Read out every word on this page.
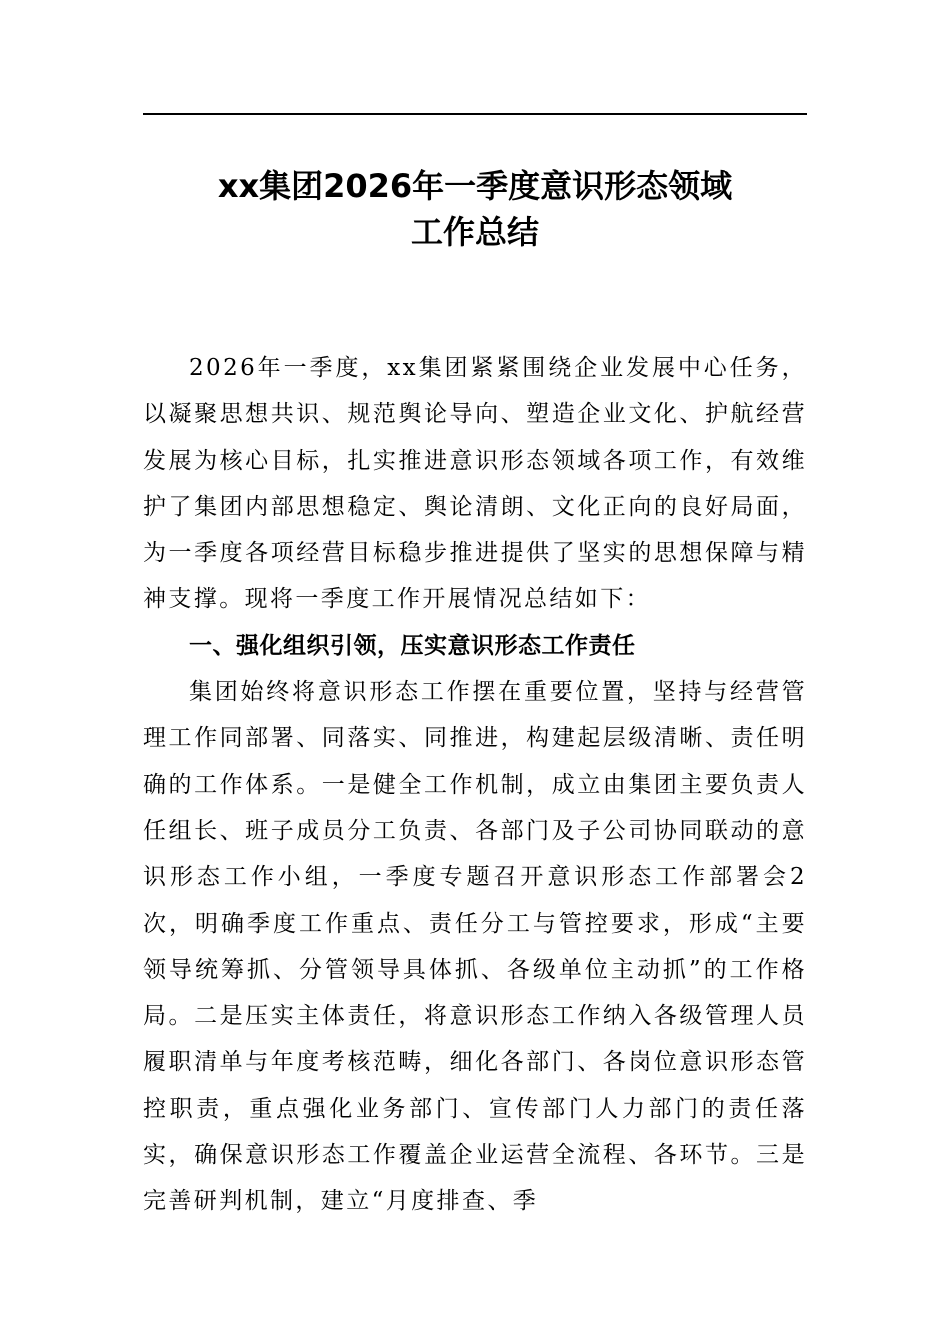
xx集团2026年一季度意识形态领域
工作总结

2026年一季度，xx集团紧紧围绕企业发展中心任务，以凝聚思想共识、规范舆论导向、塑造企业文化、护航经营发展为核心目标，扎实推进意识形态领域各项工作，有效维护了集团内部思想稳定、舆论清朗、文化正向的良好局面，为一季度各项经营目标稳步推进提供了坚实的思想保障与精神支撑。现将一季度工作开展情况总结如下：

一、强化组织引领，压实意识形态工作责任

集团始终将意识形态工作摆在重要位置，坚持与经营管理工作同部署、同落实、同推进，构建起层级清晰、责任明确的工作体系。一是健全工作机制，成立由集团主要负责人任组长、班子成员分工负责、各部门及子公司协同联动的意识形态工作小组，一季度专题召开意识形态工作部署会2次，明确季度工作重点、责任分工与管控要求，形成“主要领导统筹抓、分管领导具体抓、各级单位主动抓”的工作格局。二是压实主体责任，将意识形态工作纳入各级管理人员履职清单与年度考核范畴，细化各部门、各岗位意识形态管控职责，重点强化业务部门、宣传部门人力部门的责任落实，确保意识形态工作覆盖企业运营全流程、各环节。三是完善研判机制，建立“月度排查、季
